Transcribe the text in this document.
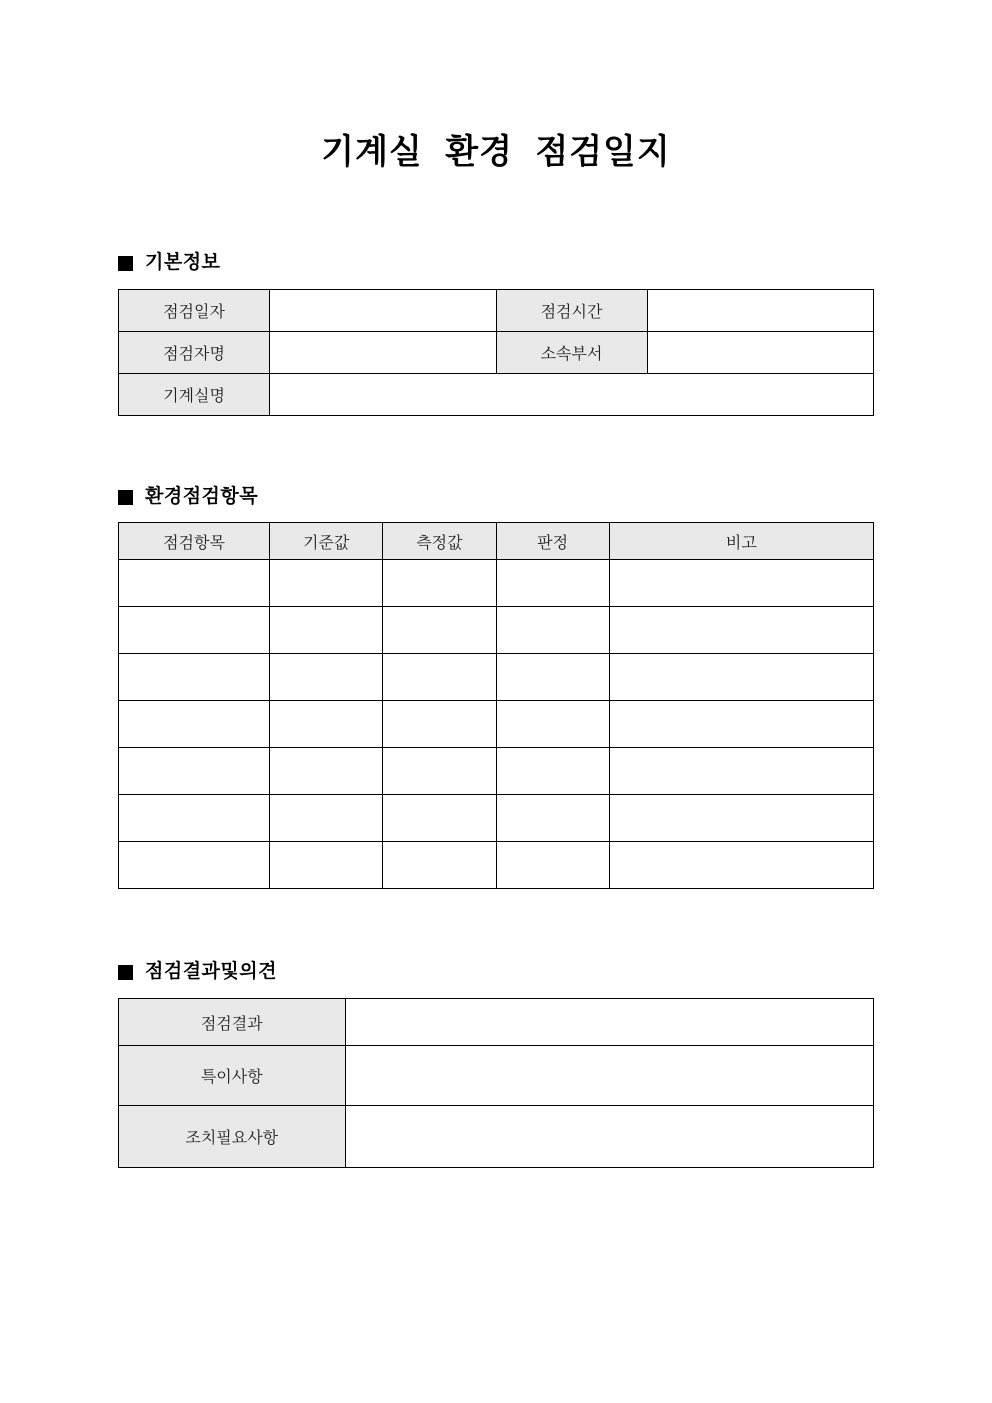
기계실 환경 점검일지
기본정보
점검일자		점검시간	
점검자명		소속부서	
기계실명			
환경점검항목
점검항목	기준값	측정값	판정	비고

점검결과및의견
점검결과	
특이사항	
조치필요사항	
